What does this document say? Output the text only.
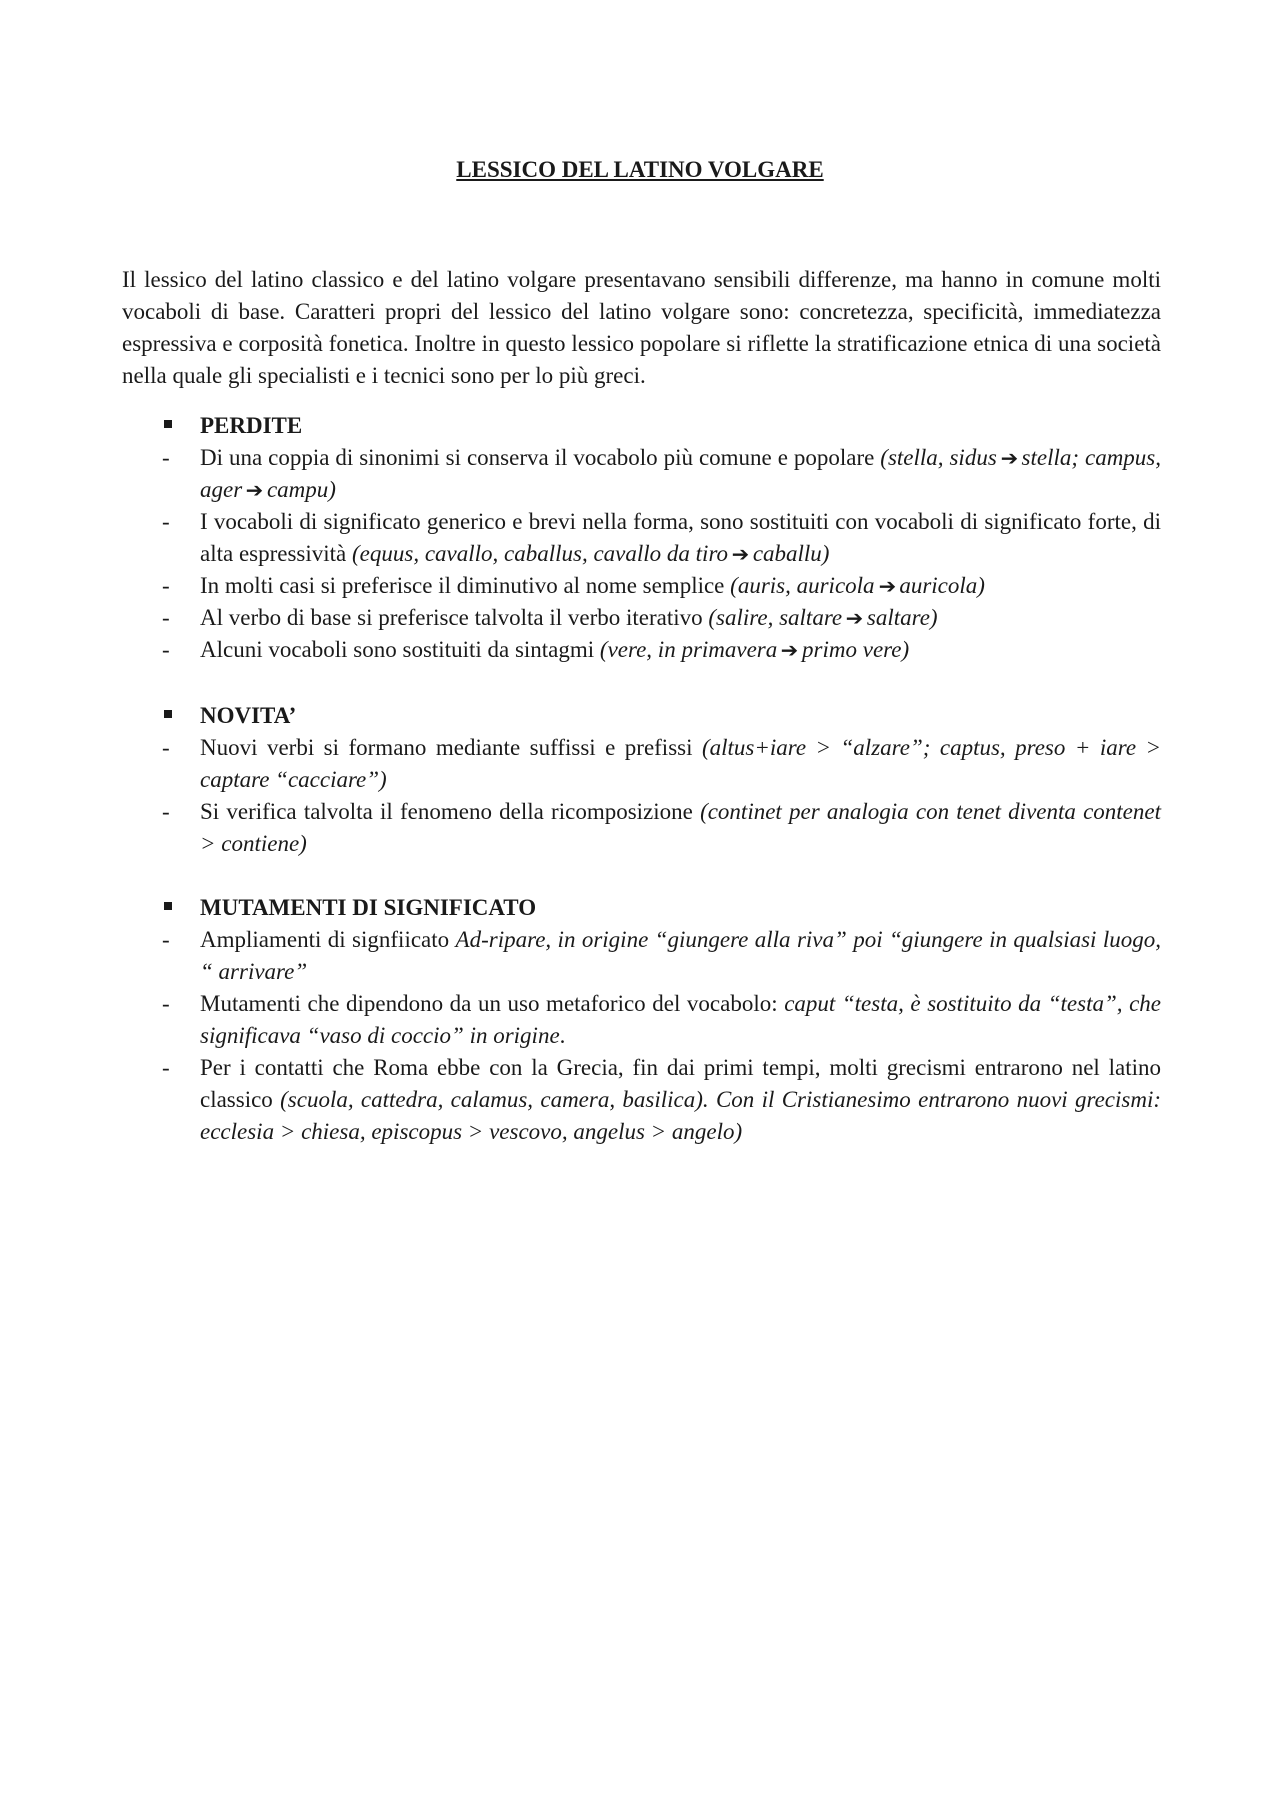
LESSICO DEL LATINO VOLGARE

Il lessico del latino classico e del latino volgare presentavano sensibili differenze, ma hanno in comune molti vocaboli di base. Caratteri propri del lessico del latino volgare sono: concretezza, specificità, immediatezza espressiva e corposità fonetica. Inoltre in questo lessico popolare si riflette la stratificazione etnica di una società nella quale gli specialisti e i tecnici sono per lo più greci.

PERDITE
- Di una coppia di sinonimi si conserva il vocabolo più comune e popolare (stella, sidus ➔ stella; campus, ager ➔ campu)
- I vocaboli di significato generico e brevi nella forma, sono sostituiti con vocaboli di significato forte, di alta espressività (equus, cavallo, caballus, cavallo da tiro ➔ caballu)
- In molti casi si preferisce il diminutivo al nome semplice (auris, auricola ➔ auricola)
- Al verbo di base si preferisce talvolta il verbo iterativo (salire, saltare ➔ saltare)
- Alcuni vocaboli sono sostituiti da sintagmi (vere, in primavera ➔ primo vere)
NOVITA’
- Nuovi verbi si formano mediante suffissi e prefissi (altus+iare > “alzare”; captus, preso + iare > captare “cacciare”)
- Si verifica talvolta il fenomeno della ricomposizione (continet per analogia con tenet diventa contenet > contiene)
MUTAMENTI DI SIGNIFICATO
- Ampliamenti di signfiicato Ad-ripare, in origine “giungere alla riva” poi “giungere in qualsiasi luogo, “ arrivare”
- Mutamenti che dipendono da un uso metaforico del vocabolo: caput “testa, è sostituito da “testa”, che significava “vaso di coccio” in origine.
- Per i contatti che Roma ebbe con la Grecia, fin dai primi tempi, molti grecismi entrarono nel latino classico (scuola, cattedra, calamus, camera, basilica). Con il Cristianesimo entrarono nuovi grecismi: ecclesia > chiesa, episcopus > vescovo, angelus > angelo)
